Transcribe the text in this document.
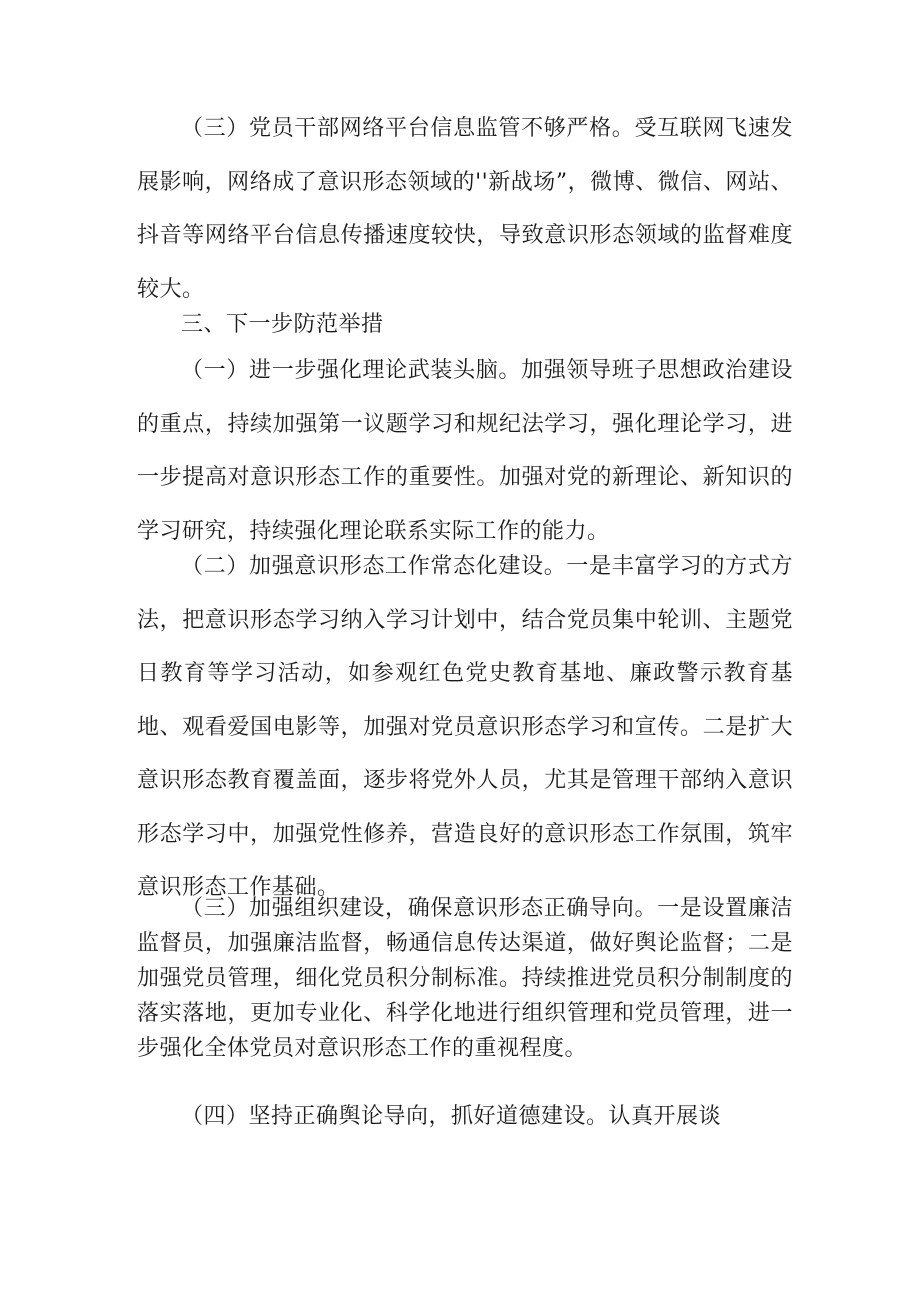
（三）党员干部网络平台信息监管不够严格。受互联网飞速发展影响，网络成了意识形态领域的''新战场”，微博、微信、网站、抖音等网络平台信息传播速度较快，导致意识形态领域的监督难度较大。

三、下一步防范举措

（一）进一步强化理论武装头脑。加强领导班子思想政治建设的重点，持续加强第一议题学习和规纪法学习，强化理论学习，进一步提高对意识形态工作的重要性。加强对党的新理论、新知识的学习研究，持续强化理论联系实际工作的能力。

（二）加强意识形态工作常态化建设。一是丰富学习的方式方法，把意识形态学习纳入学习计划中，结合党员集中轮训、主题党日教育等学习活动，如参观红色党史教育基地、廉政警示教育基地、观看爱国电影等，加强对党员意识形态学习和宣传。二是扩大意识形态教育覆盖面，逐步将党外人员，尤其是管理干部纳入意识形态学习中，加强党性修养，营造良好的意识形态工作氛围，筑牢意识形态工作基础。

（三）加强组织建设，确保意识形态正确导向。一是设置廉洁监督员，加强廉洁监督，畅通信息传达渠道，做好舆论监督；二是加强党员管理，细化党员积分制标准。持续推进党员积分制制度的落实落地，更加专业化、科学化地进行组织管理和党员管理，进一步强化全体党员对意识形态工作的重视程度。

（四）坚持正确舆论导向，抓好道德建设。认真开展谈
